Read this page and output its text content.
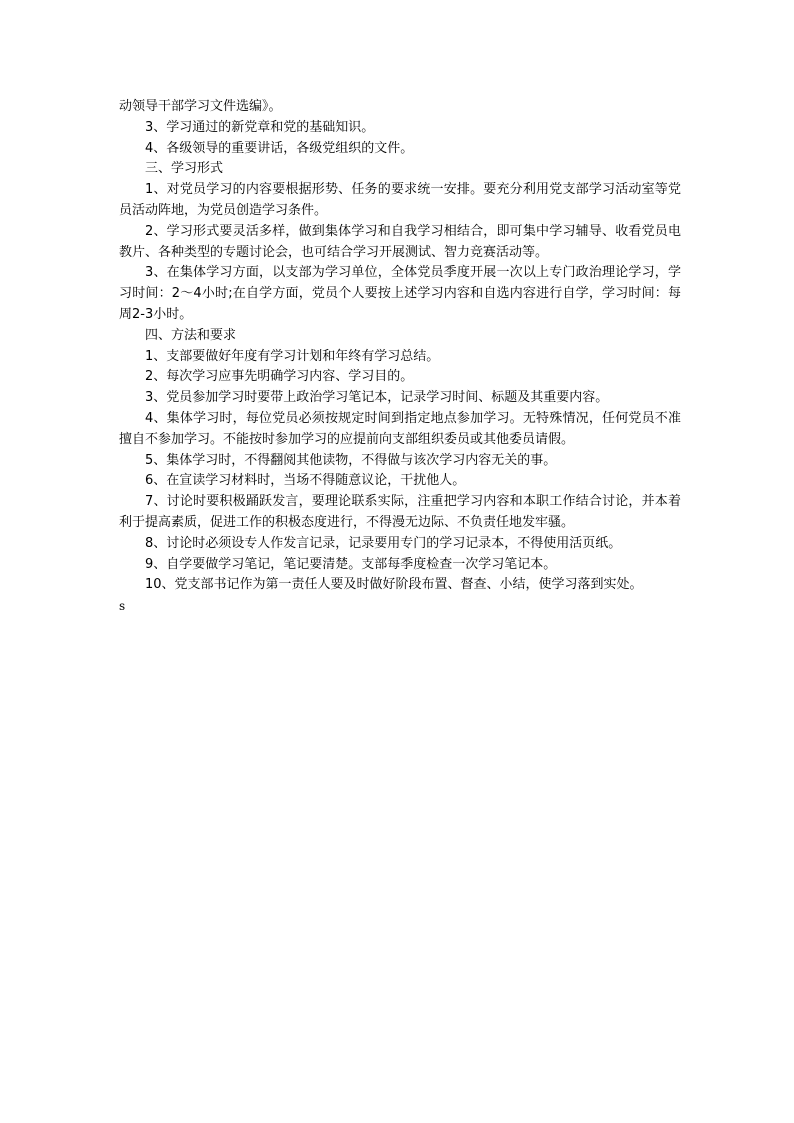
动领导干部学习文件选编》。

3、学习通过的新党章和党的基础知识。

4、各级领导的重要讲话，各级党组织的文件。

三、学习形式

1、对党员学习的内容要根据形势、任务的要求统一安排。要充分利用党支部学习活动室等党员活动阵地，为党员创造学习条件。

2、学习形式要灵活多样，做到集体学习和自我学习相结合，即可集中学习辅导、收看党员电教片、各种类型的专题讨论会，也可结合学习开展测试、智力竞赛活动等。

3、在集体学习方面，以支部为学习单位，全体党员季度开展一次以上专门政治理论学习，学习时间：2～4小时;在自学方面，党员个人要按上述学习内容和自选内容进行自学，学习时间：每周2-3小时。

四、方法和要求

1、支部要做好年度有学习计划和年终有学习总结。

2、每次学习应事先明确学习内容、学习目的。

3、党员参加学习时要带上政治学习笔记本，记录学习时间、标题及其重要内容。

4、集体学习时，每位党员必须按规定时间到指定地点参加学习。无特殊情况，任何党员不准擅自不参加学习。不能按时参加学习的应提前向支部组织委员或其他委员请假。

5、集体学习时，不得翻阅其他读物，不得做与该次学习内容无关的事。

6、在宣读学习材料时，当场不得随意议论，干扰他人。

7、讨论时要积极踊跃发言，要理论联系实际，注重把学习内容和本职工作结合讨论，并本着利于提高素质，促进工作的积极态度进行，不得漫无边际、不负责任地发牢骚。

8、讨论时必须设专人作发言记录，记录要用专门的学习记录本，不得使用活页纸。

9、自学要做学习笔记，笔记要清楚。支部每季度检查一次学习笔记本。

10、党支部书记作为第一责任人要及时做好阶段布置、督查、小结，使学习落到实处。

s
